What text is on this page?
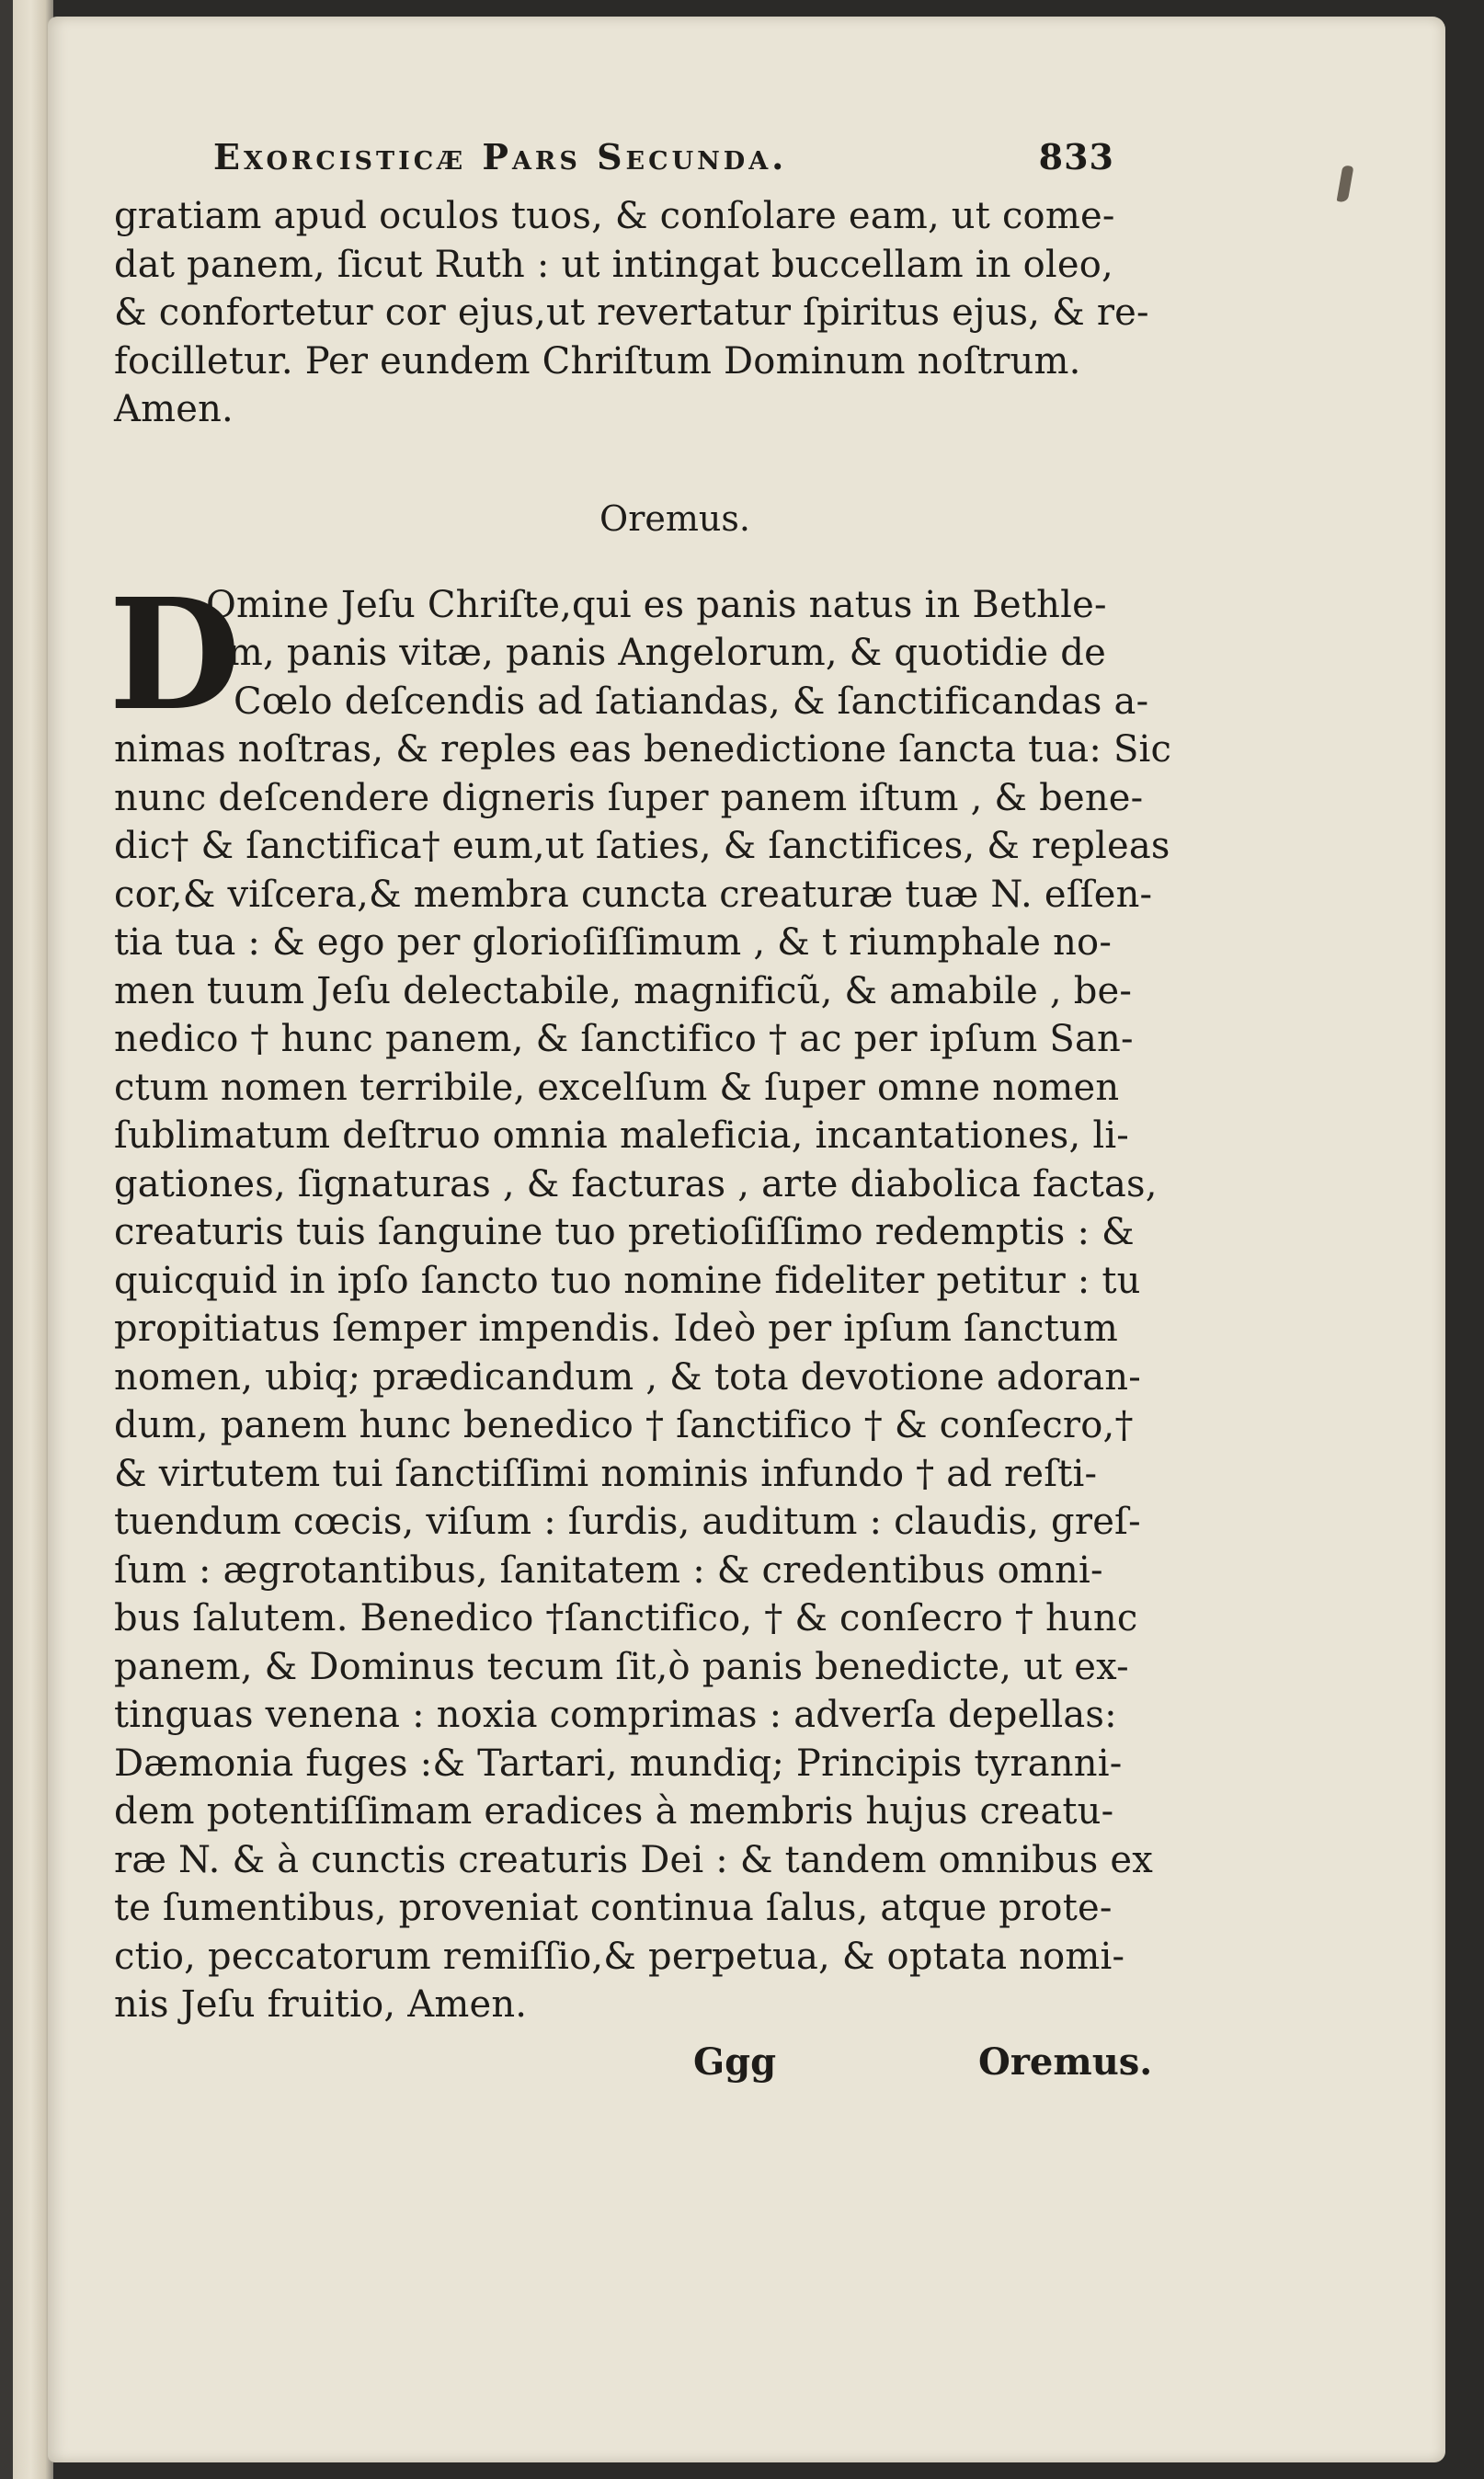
Exorcisticæ Pars Secunda.	833
gratiam apud oculos tuos, & conſolare eam, ut come-
dat panem, ſicut Ruth : ut intingat buccellam in oleo,
& confortetur cor ejus,ut revertatur ſpiritus ejus, & re-
focilletur. Per eundem Chriſtum Dominum noſtrum.
Amen.
Oremus.
D
Omine Jeſu Chriſte,qui es panis natus in Bethle-
em, panis vitæ, panis Angelorum, & quotidie de
Cœlo deſcendis ad ſatiandas, & ſanctificandas a-
nimas noſtras, & reples eas benedictione ſancta tua: Sic
nunc deſcendere digneris ſuper panem iſtum , & bene-
dic† & ſanctifica† eum,ut ſaties, & ſanctifices, & repleas
cor,& viſcera,& membra cuncta creaturæ tuæ N. eſſen-
tia tua : & ego per glorioſiſſimum , & t riumphale no-
men tuum Jeſu delectabile, magnificũ, & amabile , be-
nedico † hunc panem, & ſanctifico † ac per ipſum San-
ctum nomen terribile, excelſum & ſuper omne nomen
ſublimatum deſtruo omnia maleficia, incantationes, li-
gationes, ſignaturas , & facturas , arte diabolica factas,
creaturis tuis ſanguine tuo pretioſiſſimo redemptis : &
quicquid in ipſo ſancto tuo nomine fideliter petitur : tu
propitiatus ſemper impendis. Ideò per ipſum ſanctum
nomen, ubiq; prædicandum , & tota devotione adoran-
dum, panem hunc benedico † ſanctifico † & conſecro,†
& virtutem tui ſanctiſſimi nominis infundo † ad reſti-
tuendum cœcis, viſum : ſurdis, auditum : claudis, greſ-
ſum : ægrotantibus, ſanitatem : & credentibus omni-
bus ſalutem. Benedico †ſanctifico, † & conſecro † hunc
panem, & Dominus tecum ſit,ò panis benedicte, ut ex-
tinguas venena : noxia comprimas : adverſa depellas:
Dæmonia fuges :& Tartari, mundiq; Principis tyranni-
dem potentiſſimam eradices à membris hujus creatu-
ræ N. & à cunctis creaturis Dei : & tandem omnibus ex
te ſumentibus, proveniat continua ſalus, atque prote-
ctio, peccatorum remiſſio,& perpetua, & optata nomi-
nis Jeſu fruitio, Amen.
Ggg	Oremus.
